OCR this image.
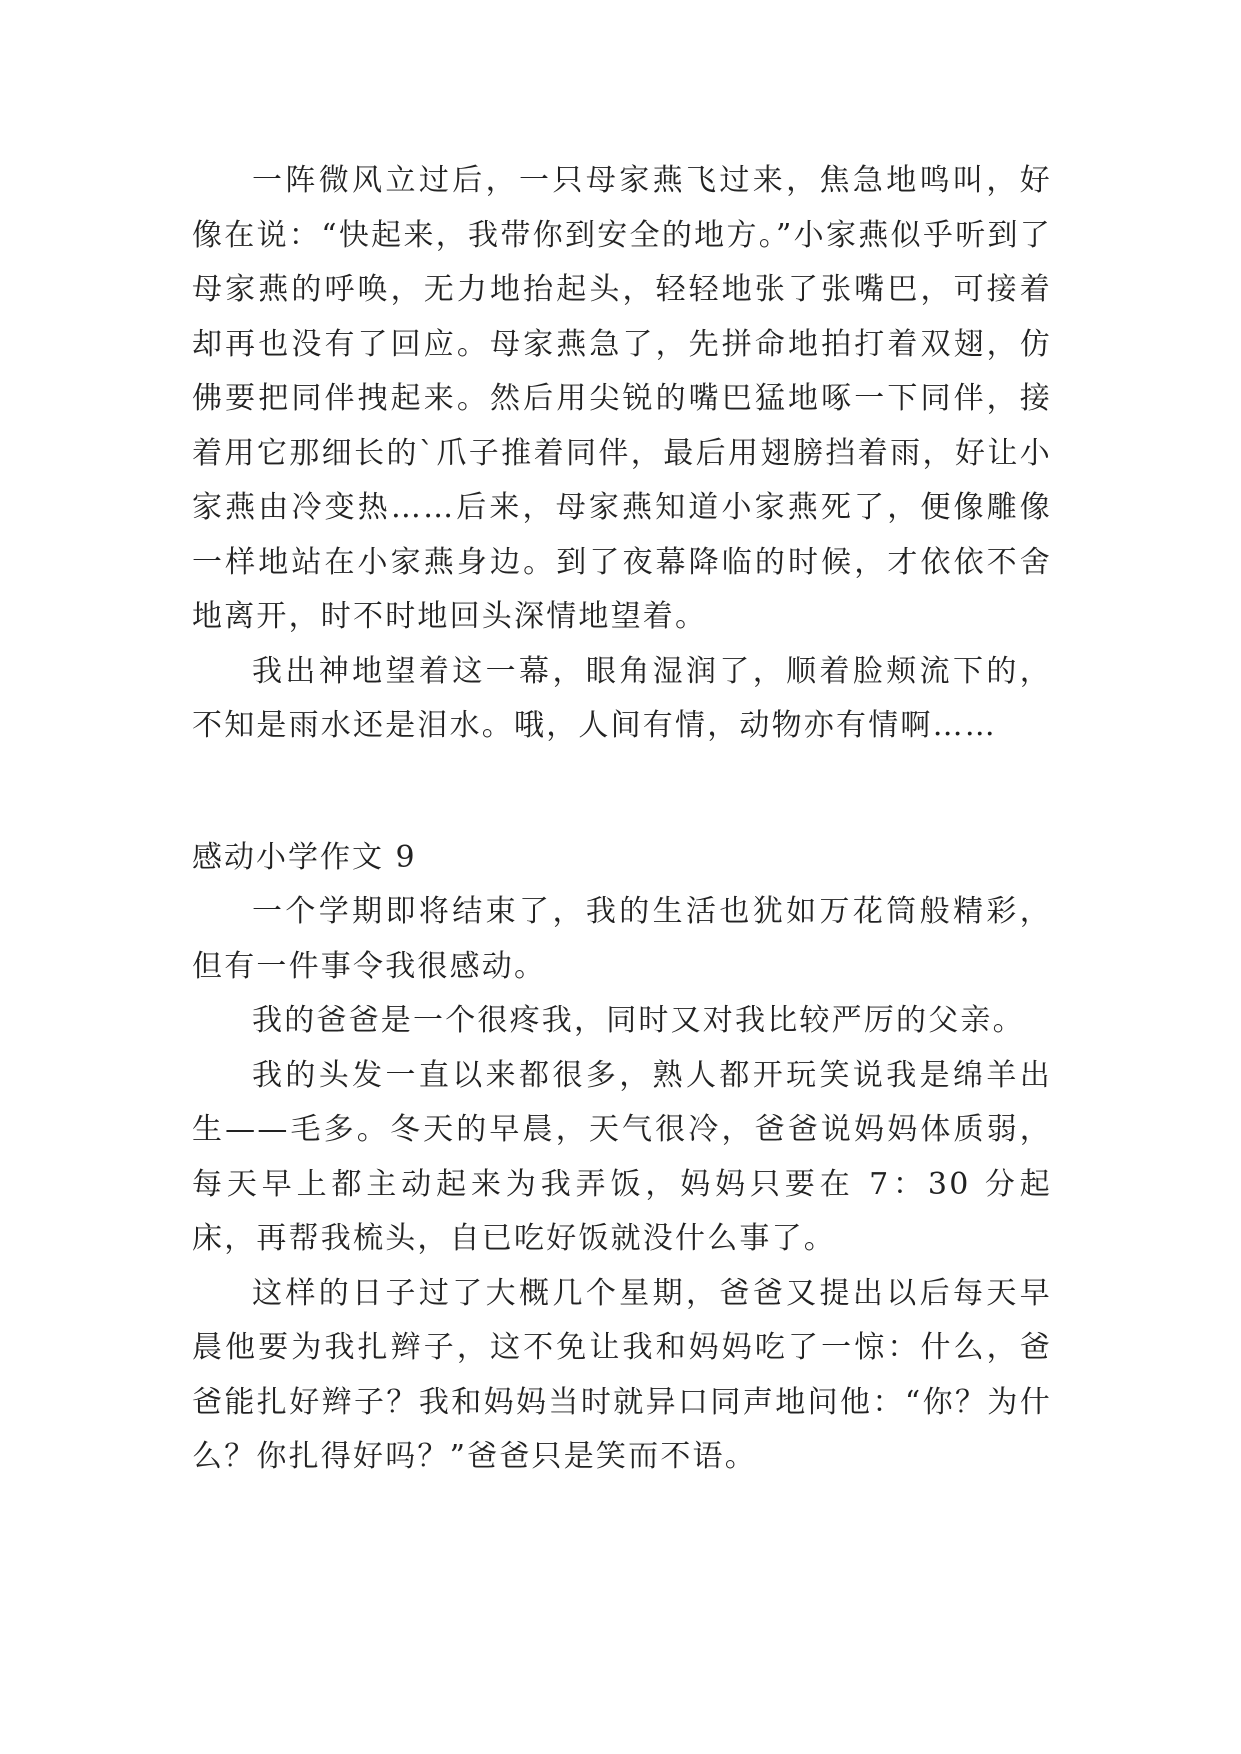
一阵微风立过后，一只母家燕飞过来，焦急地鸣叫，好像在说：“快起来，我带你到安全的地方。”小家燕似乎听到了母家燕的呼唤，无力地抬起头，轻轻地张了张嘴巴，可接着却再也没有了回应。母家燕急了，先拼命地拍打着双翅，仿佛要把同伴拽起来。然后用尖锐的嘴巴猛地啄一下同伴，接着用它那细长的`爪子推着同伴，最后用翅膀挡着雨，好让小家燕由冷变热……后来，母家燕知道小家燕死了，便像雕像一样地站在小家燕身边。到了夜幕降临的时候，才依依不舍地离开，时不时地回头深情地望着。

我出神地望着这一幕，眼角湿润了，顺着脸颊流下的，不知是雨水还是泪水。哦，人间有情，动物亦有情啊……

感动小学作文 9

一个学期即将结束了，我的生活也犹如万花筒般精彩，但有一件事令我很感动。

我的爸爸是一个很疼我，同时又对我比较严厉的父亲。

我的头发一直以来都很多，熟人都开玩笑说我是绵羊出生——毛多。冬天的早晨，天气很冷，爸爸说妈妈体质弱，每天早上都主动起来为我弄饭，妈妈只要在 7：30 分起床，再帮我梳头，自已吃好饭就没什么事了。

这样的日子过了大概几个星期，爸爸又提出以后每天早晨他要为我扎辫子，这不免让我和妈妈吃了一惊：什么，爸爸能扎好辫子？我和妈妈当时就异口同声地问他：“你？为什么？你扎得好吗？”爸爸只是笑而不语。
